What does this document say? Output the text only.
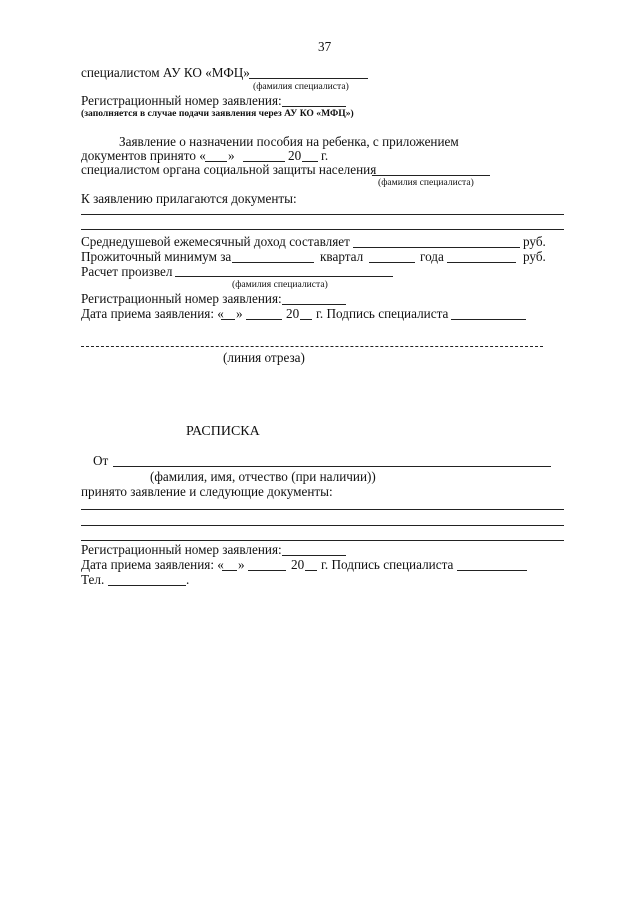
37
специалистом АУ КО «МФЦ»
(фамилия специалиста)
Регистрационный номер заявления:
(заполняется в случае подачи заявления через АУ КО «МФЦ»)
Заявление о назначении пособия на ребенка, с приложением
документов принято « »	20 г.
специалистом органа социальной защиты населения
(фамилия специалиста)
К заявлению прилагаются документы:
Среднедушевой ежемесячный доход составляет	руб.
Прожиточный минимум за	квартал	года	руб.
Расчет произвел
(фамилия специалиста)
Регистрационный номер заявления:
Дата приема заявления: « »	20 г. Подпись специалиста
(линия отреза)
РАСПИСКА
От
(фамилия, имя, отчество (при наличии))
принято заявление и следующие документы:
Регистрационный номер заявления:
Дата приема заявления: « »	20 г. Подпись специалиста
Тел.	.
